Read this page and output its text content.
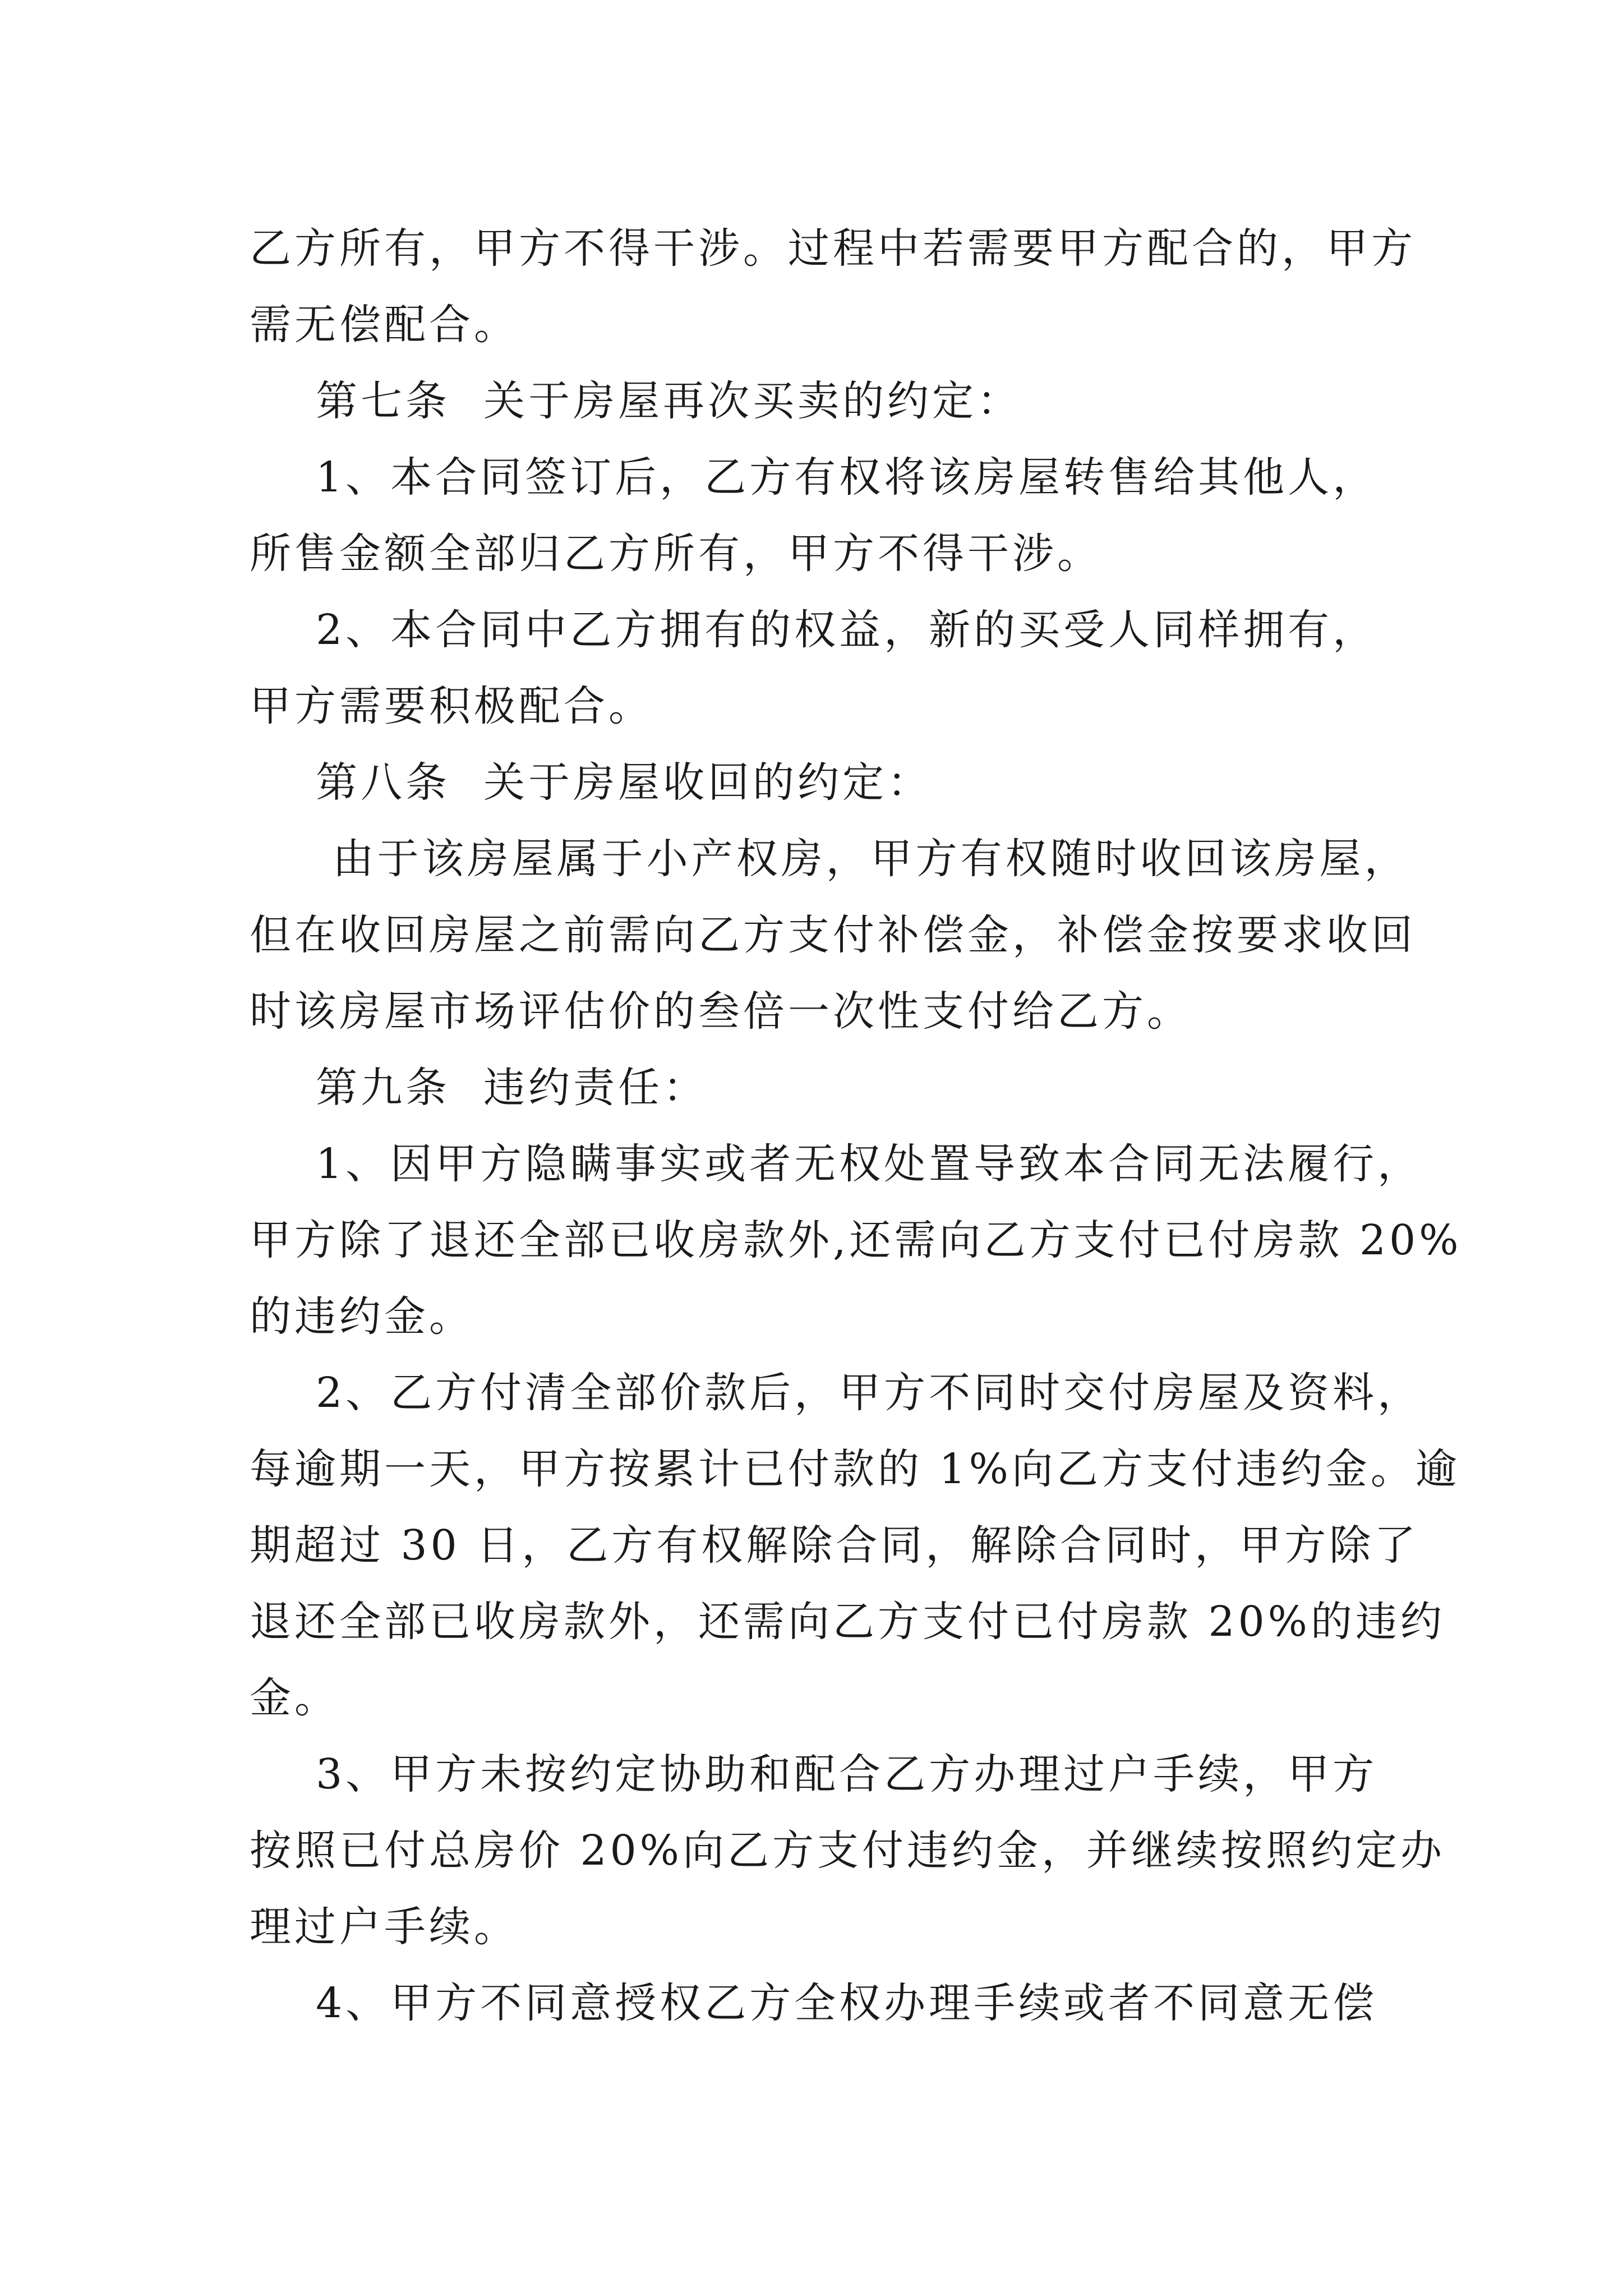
乙方所有，甲方不得干涉。过程中若需要甲方配合的，甲方
需无偿配合。
第七条  关于房屋再次买卖的约定：
1、本合同签订后，乙方有权将该房屋转售给其他人，
所售金额全部归乙方所有，甲方不得干涉。
2、本合同中乙方拥有的权益，新的买受人同样拥有，
甲方需要积极配合。
第八条  关于房屋收回的约定：
由于该房屋属于小产权房，甲方有权随时收回该房屋，
但在收回房屋之前需向乙方支付补偿金，补偿金按要求收回
时该房屋市场评估价的叁倍一次性支付给乙方。
第九条  违约责任：
1、因甲方隐瞒事实或者无权处置导致本合同无法履行，
甲方除了退还全部已收房款外,还需向乙方支付已付房款 20%
的违约金。
2、乙方付清全部价款后，甲方不同时交付房屋及资料，
每逾期一天，甲方按累计已付款的 1%向乙方支付违约金。逾
期超过 30 日，乙方有权解除合同，解除合同时，甲方除了
退还全部已收房款外，还需向乙方支付已付房款 20%的违约
金。
3、甲方未按约定协助和配合乙方办理过户手续，甲方
按照已付总房价 20%向乙方支付违约金，并继续按照约定办
理过户手续。
4、甲方不同意授权乙方全权办理手续或者不同意无偿
